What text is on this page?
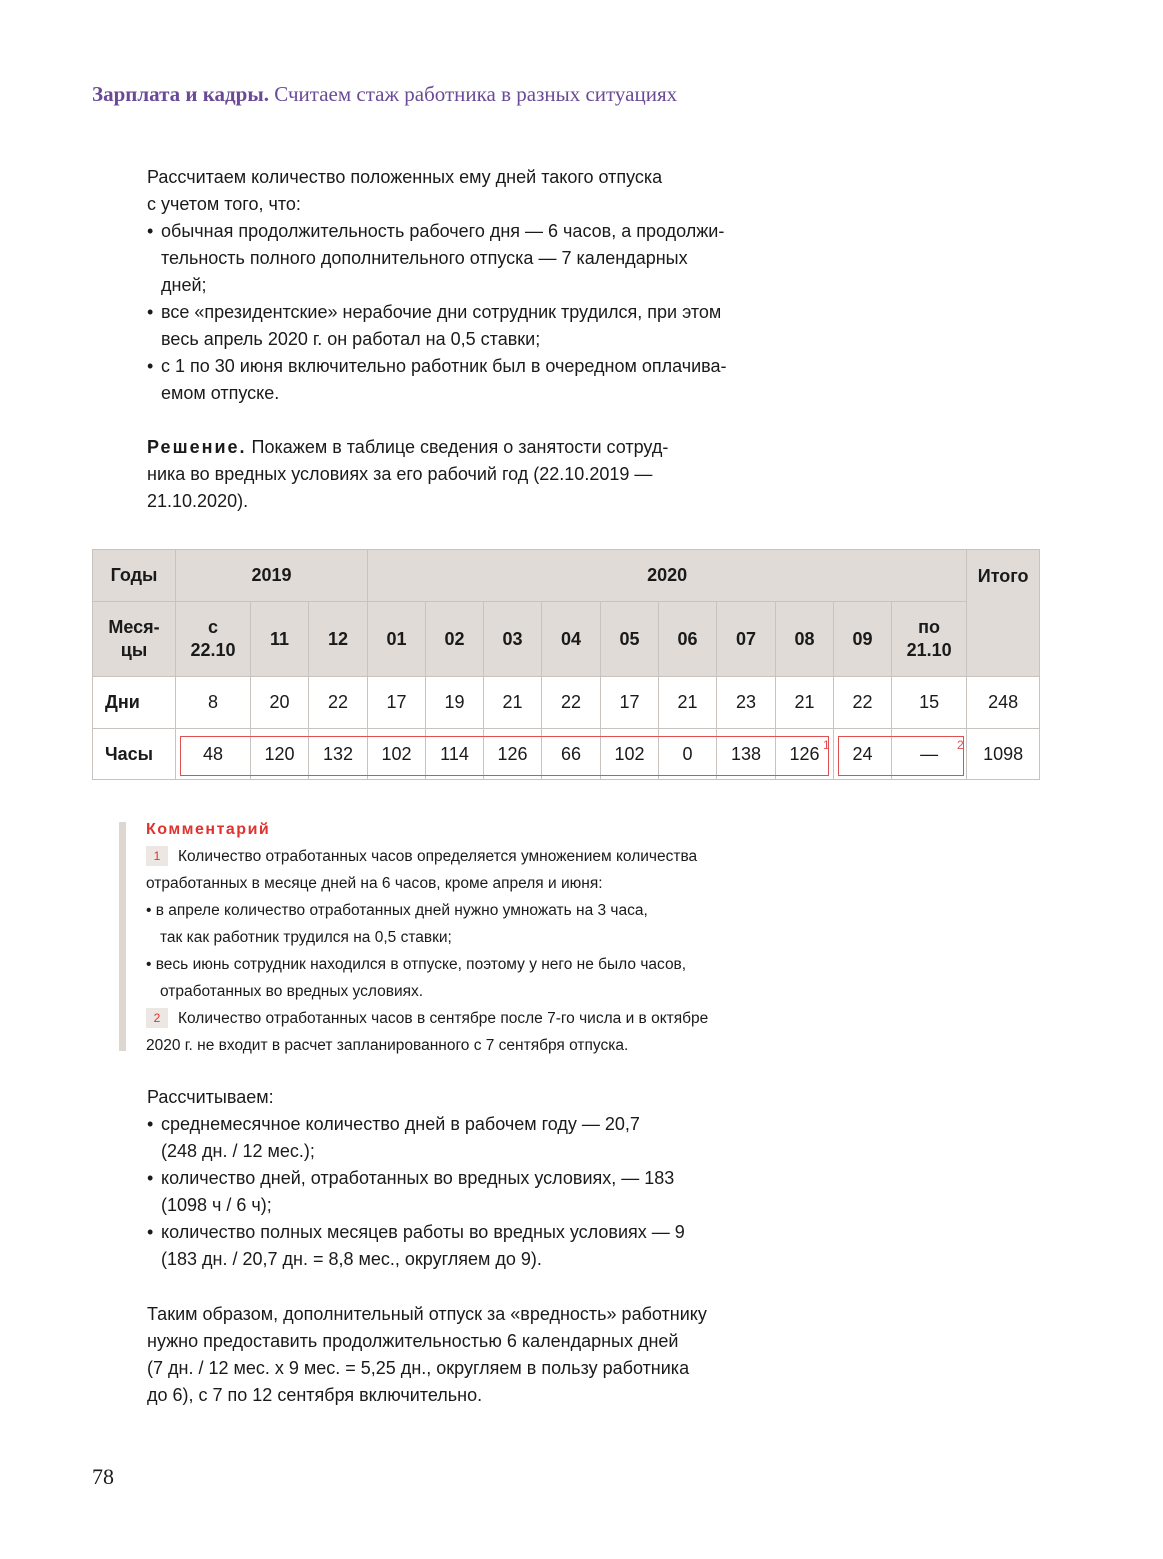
Зарплата и кадры. Считаем стаж работника в разных ситуациях

Рассчитаем количество положенных ему дней такого отпуска

с учетом того, что:

• обычная продолжительность рабочего дня — 6 часов, а продолжи-
тельность полного дополнительного отпуска — 7 календарных
дней;
• все «президентские» нерабочие дни сотрудник трудился, при этом
весь апрель 2020 г. он работал на 0,5 ставки;
• с 1 по 30 июня включительно работник был в очередном оплачива-
емом отпуске.

Решение. Покажем в таблице сведения о занятости сотруд-

ника во вредных условиях за его рабочий год (22.10.2019 —

21.10.2020).

Годы	2019			2020										Итого

Меся-
цы	с
22.10	11	12	01	02	03	04	05	06	07	08	09	по
21.10	

Дни	8	20	22	17	19	21	22	17	21	23	21	22	15	248
Часы	48	120	132	102	114	126	66	102	0	138	126	24	—	1098
1	2
Комментарий
1 Количество отработанных часов определяется умножением количества
отработанных в месяце дней на 6 часов, кроме апреля и июня:
• в апреле количество отработанных дней нужно умножать на 3 часа,
так как работник трудился на 0,5 ставки;
• весь июнь сотрудник находился в отпуске, поэтому у него не было часов,
отработанных во вредных условиях.
2 Количество отработанных часов в сентябре после 7-го числа и в октябре
2020 г. не входит в расчет запланированного с 7 сентября отпуска.

Рассчитываем:

• среднемесячное количество дней в рабочем году — 20,7
(248 дн. / 12 мес.);
• количество дней, отработанных во вредных условиях, — 183
(1098 ч / 6 ч);
• количество полных месяцев работы во вредных условиях — 9
(183 дн. / 20,7 дн. = 8,8 мес., округляем до 9).

Таким образом, дополнительный отпуск за «вредность» работнику

нужно предоставить продолжительностью 6 календарных дней

(7 дн. / 12 мес. х 9 мес. = 5,25 дн., округляем в пользу работника

до 6), с 7 по 12 сентября включительно.

78
